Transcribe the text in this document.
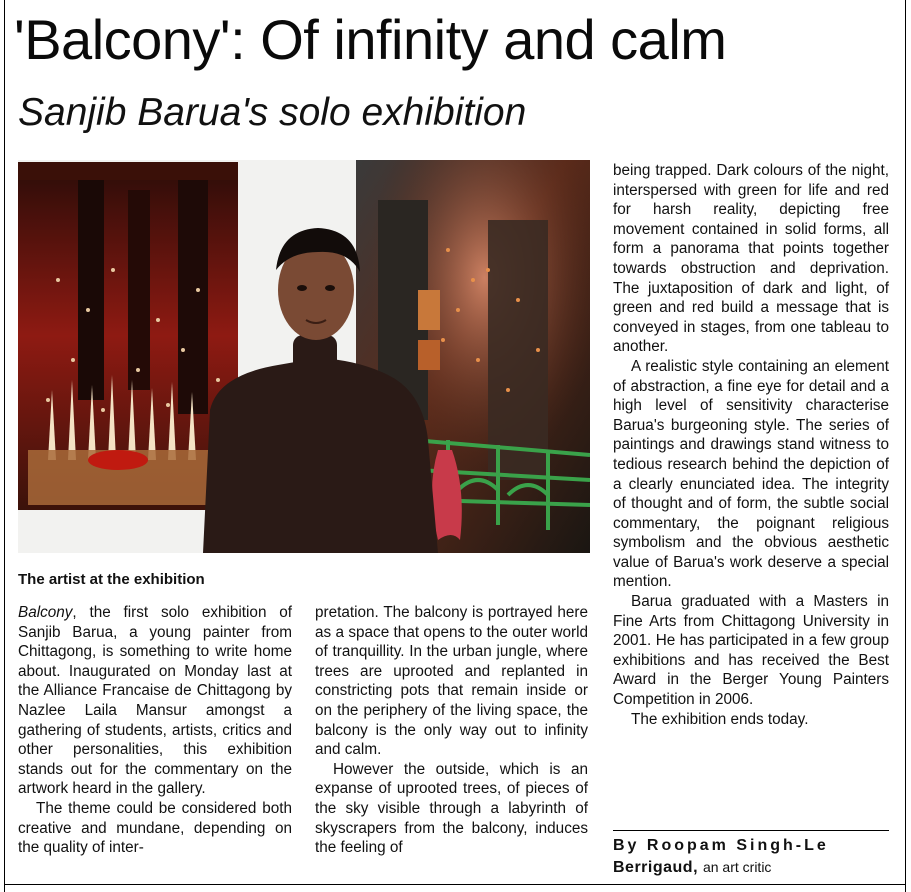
'Balcony': Of infinity and calm
Sanjib Barua's solo exhibition
The artist at the exhibition

Balcony, the first solo exhibition of Sanjib Barua, a young painter from Chittagong, is something to write home about. Inaugurated on Monday last at the Alliance Francaise de Chittagong by Nazlee Laila Mansur amongst a gathering of students, artists, critics and other personalities, this exhibition stands out for the commentary on the artwork heard in the gallery.

The theme could be considered both creative and mundane, depending on the quality of inter-

pretation. The balcony is portrayed here as a space that opens to the outer world of tranquillity. In the urban jungle, where trees are uprooted and replanted in constricting pots that remain inside or on the periphery of the living space, the balcony is the only way out to infinity and calm.

However the outside, which is an expanse of uprooted trees, of pieces of the sky visible through a labyrinth of skyscrapers from the balcony, induces the feeling of

being trapped. Dark colours of the night, interspersed with green for life and red for harsh reality, depicting free movement contained in solid forms, all form a panorama that points together towards obstruction and deprivation. The juxtaposition of dark and light, of green and red build a message that is conveyed in stages, from one tableau to another.

A realistic style containing an element of abstraction, a fine eye for detail and a high level of sensitivity characterise Barua's burgeoning style. The series of paintings and drawings stand witness to tedious research behind the depiction of a clearly enunciated idea. The integrity of thought and of form, the subtle social commentary, the poignant religious symbolism and the obvious aesthetic value of Barua's work deserve a special mention.

Barua graduated with a Masters in Fine Arts from Chittagong University in 2001. He has participated in a few group exhibitions and has received the Best Award in the Berger Young Painters Competition in 2006.

The exhibition ends today.

By Roopam Singh-Le
Berrigaud, an art critic
